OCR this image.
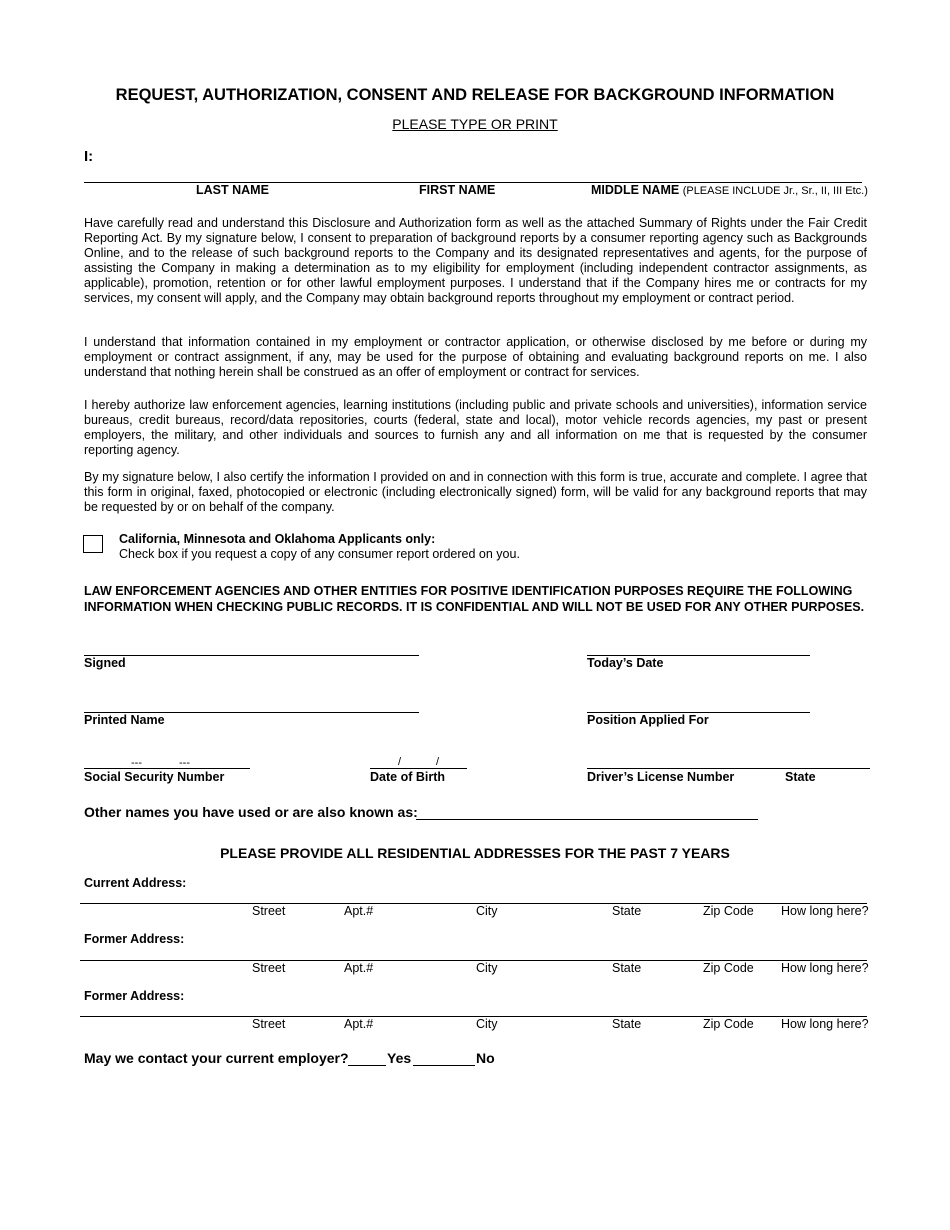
REQUEST, AUTHORIZATION, CONSENT AND RELEASE FOR BACKGROUND INFORMATION
PLEASE TYPE OR PRINT
I:
LAST NAME	FIRST NAME	MIDDLE NAME (PLEASE INCLUDE Jr., Sr., II, III Etc.)
Have carefully read and understand this Disclosure and Authorization form as well as the attached Summary of Rights under the Fair Credit Reporting Act. By my signature below, I consent to preparation of background reports by a consumer reporting agency such as Backgrounds Online, and to the release of such background reports to the Company and its designated representatives and agents, for the purpose of assisting the Company in making a determination as to my eligibility for employment (including independent contractor assignments, as applicable), promotion, retention or for other lawful employment purposes. I understand that if the Company hires me or contracts for my services, my consent will apply, and the Company may obtain background reports throughout my employment or contract period.
I understand that information contained in my employment or contractor application, or otherwise disclosed by me before or during my employment or contract assignment, if any, may be used for the purpose of obtaining and evaluating background reports on me. I also understand that nothing herein shall be construed as an offer of employment or contract for services.
I hereby authorize law enforcement agencies, learning institutions (including public and private schools and universities), information service bureaus, credit bureaus, record/data repositories, courts (federal, state and local), motor vehicle records agencies, my past or present employers, the military, and other individuals and sources to furnish any and all information on me that is requested by the consumer reporting agency.
By my signature below, I also certify the information I provided on and in connection with this form is true, accurate and complete. I agree that this form in original, faxed, photocopied or electronic (including electronically signed) form, will be valid for any background reports that may be requested by or on behalf of the company.
California, Minnesota and Oklahoma Applicants only:
Check box if you request a copy of any consumer report ordered on you.
LAW ENFORCEMENT AGENCIES AND OTHER ENTITIES FOR POSITIVE IDENTIFICATION PURPOSES REQUIRE THE FOLLOWING INFORMATION WHEN CHECKING PUBLIC RECORDS. IT IS CONFIDENTIAL AND WILL NOT BE USED FOR ANY OTHER PURPOSES.
Signed	Today’s Date
Printed Name	Position Applied For
---	---
Social Security Number
/	/
Date of Birth	Driver’s License Number	State
Other names you have used or are also known as:
PLEASE PROVIDE ALL RESIDENTIAL ADDRESSES FOR THE PAST 7 YEARS
Current Address:
Street	Apt.#	City	State	Zip Code How long here?
Former Address:
Street	Apt.#	City	State	Zip Code How long here?
Former Address:
Street	Apt.#	City	State	Zip Code How long here?
May we contact your current employer?	Yes	No
